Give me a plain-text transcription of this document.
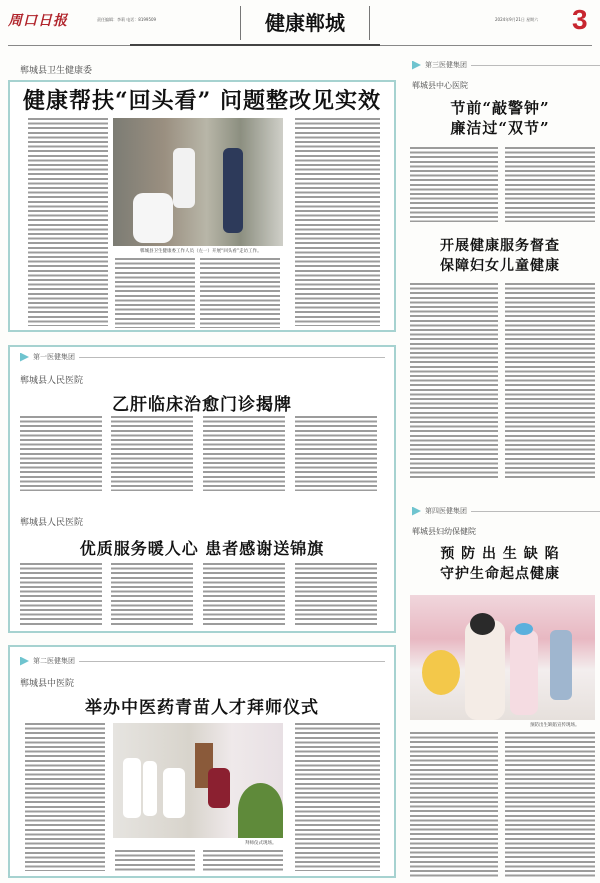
周口日报	责任编辑：李莉 电话：8199509	健康郸城	2024年9月21日 星期六 3
郸城县卫生健康委
健康帮扶“回头看” 问题整改见实效
郸城县卫生健康委工作人员（左一）开展“回头看”走访工作。
第一医健集团
郸城县人民医院
乙肝临床治愈门诊揭牌
郸城县人民医院
优质服务暖人心 患者感谢送锦旗
第二医健集团
郸城县中医院
举办中医药青苗人才拜师仪式
拜师仪式现场。
第三医健集团
郸城县中心医院
节前“敲警钟”
廉洁过“双节”
开展健康服务督查
保障妇女儿童健康
第四医健集团
郸城县妇幼保健院
预 防 出 生 缺 陷
守护生命起点健康
预防出生缺陷宣传现场。
